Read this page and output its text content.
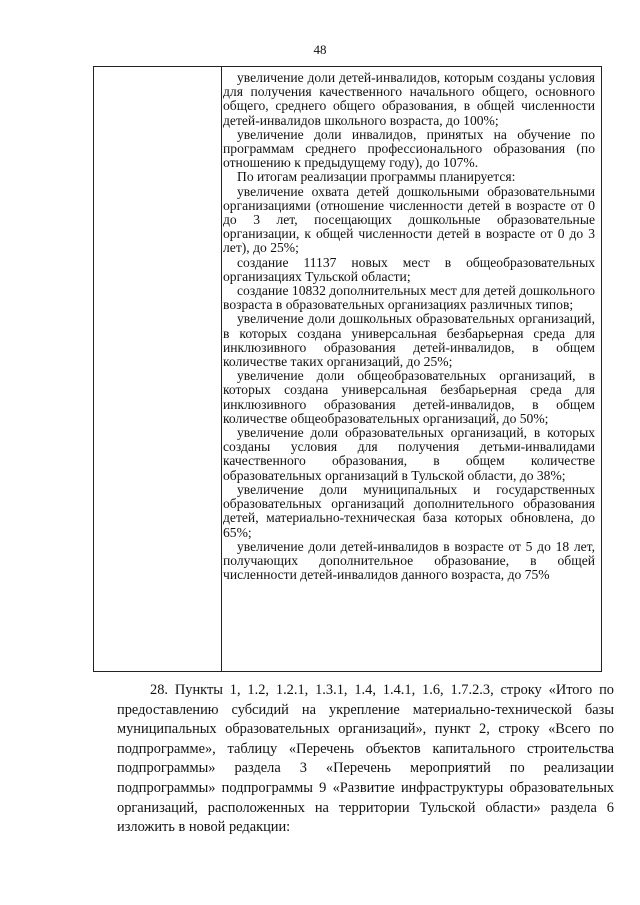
48

увеличение доли детей-инвалидов, которым созданы условия для получения качественного начального общего, основного общего, среднего общего образования, в общей численности детей-инвалидов школьного возраста, до 100%;

увеличение доли инвалидов, принятых на обучение по программам среднего профессионального образования (по отношению к предыдущему году), до 107%.

По итогам реализации программы планируется:

увеличение охвата детей дошкольными образовательными организациями (отношение численности детей в возрасте от 0 до 3 лет, посещающих дошкольные образовательные организации, к общей численности детей в возрасте от 0 до 3 лет), до 25%;

создание 11137 новых мест в общеобразовательных организациях Тульской области;

создание 10832 дополнительных мест для детей дошкольного возраста в образовательных организациях различных типов;

увеличение доли дошкольных образовательных организаций, в которых создана универсальная безбарьерная среда для инклюзивного образования детей-инвалидов, в общем количестве таких организаций, до 25%;

увеличение доли общеобразовательных организаций, в которых создана универсальная безбарьерная среда для инклюзивного образования детей-инвалидов, в общем количестве общеобразовательных организаций, до 50%;

увеличение доли образовательных организаций, в которых созданы условия для получения детьми-инвалидами качественного образования, в общем количестве образовательных организаций в Тульской области, до 38%;

увеличение доли муниципальных и государственных образовательных организаций дополнительного образования детей, материально-техническая база которых обновлена, до 65%;

увеличение доли детей-инвалидов в возрасте от 5 до 18 лет, получающих дополнительное образование, в общей численности детей-инвалидов данного возраста, до 75%

28. Пункты 1, 1.2, 1.2.1, 1.3.1, 1.4, 1.4.1, 1.6, 1.7.2.3, строку «Итого по предоставлению субсидий на укрепление материально-технической базы муниципальных образовательных организаций», пункт 2, строку «Всего по подпрограмме», таблицу «Перечень объектов капитального строительства подпрограммы» раздела 3 «Перечень мероприятий по реализации подпрограммы» подпрограммы 9 «Развитие инфраструктуры образовательных организаций, расположенных на территории Тульской области» раздела 6 изложить в новой редакции:
